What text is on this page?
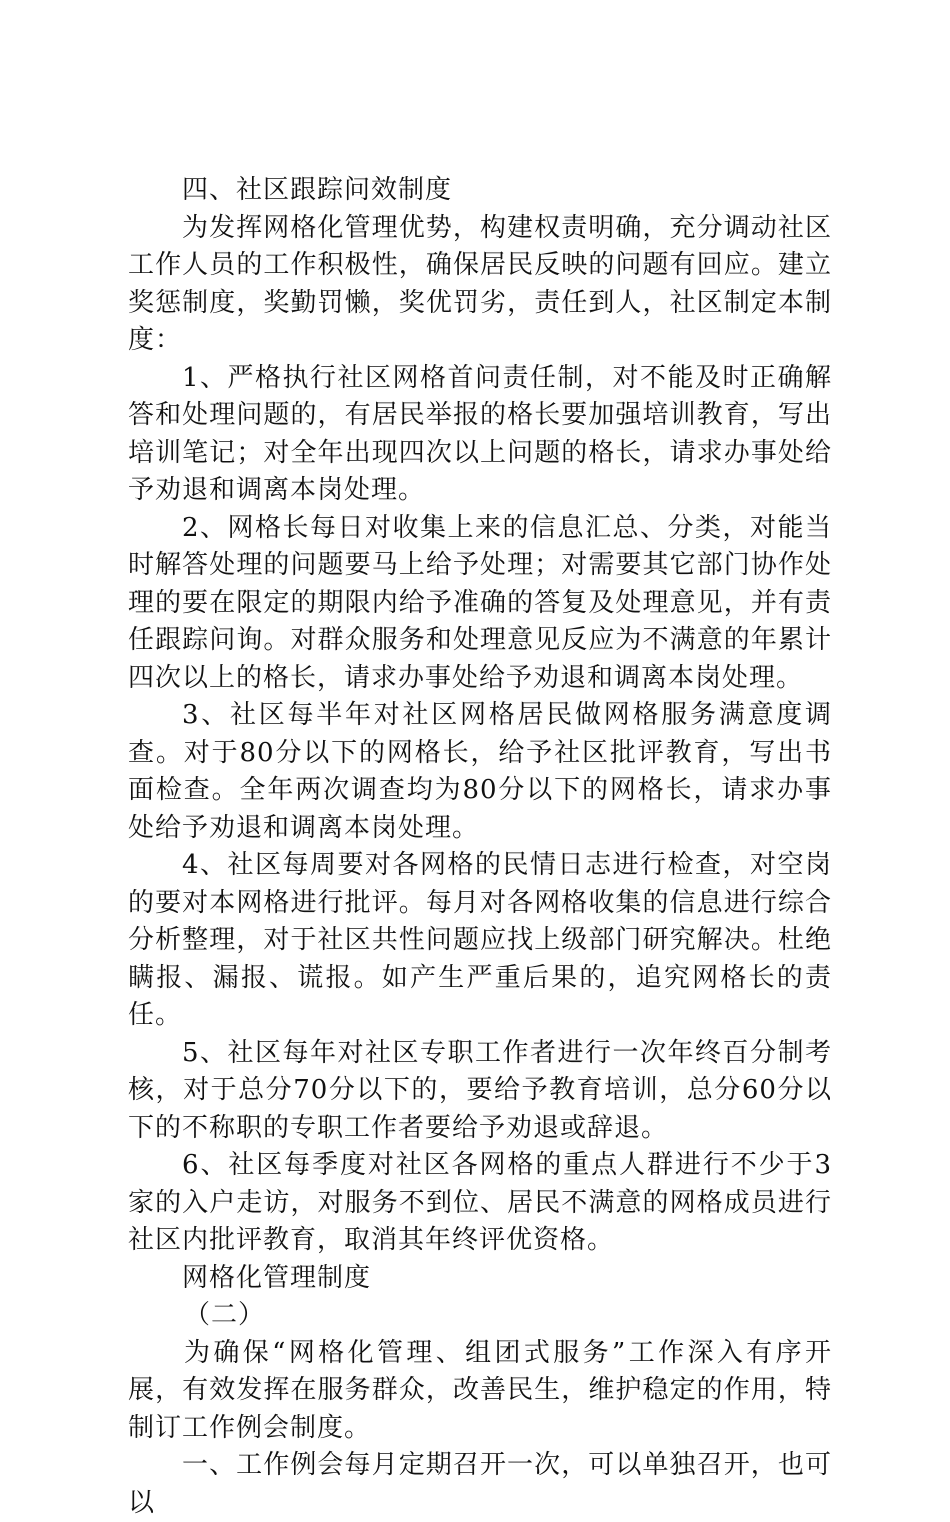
四、社区跟踪问效制度

为发挥网格化管理优势，构建权责明确，充分调动社区工作人员的工作积极性，确保居民反映的问题有回应。建立奖惩制度，奖勤罚懒，奖优罚劣，责任到人，社区制定本制度：

1、严格执行社区网格首问责任制，对不能及时正确解答和处理问题的，有居民举报的格长要加强培训教育，写出培训笔记；对全年出现四次以上问题的格长，请求办事处给予劝退和调离本岗处理。

2、网格长每日对收集上来的信息汇总、分类，对能当时解答处理的问题要马上给予处理；对需要其它部门协作处理的要在限定的期限内给予准确的答复及处理意见，并有责任跟踪问询。对群众服务和处理意见反应为不满意的年累计四次以上的格长，请求办事处给予劝退和调离本岗处理。

3、社区每半年对社区网格居民做网格服务满意度调查。对于80分以下的网格长，给予社区批评教育，写出书面检查。全年两次调查均为80分以下的网格长，请求办事处给予劝退和调离本岗处理。

4、社区每周要对各网格的民情日志进行检查，对空岗的要对本网格进行批评。每月对各网格收集的信息进行综合分析整理，对于社区共性问题应找上级部门研究解决。杜绝瞒报、漏报、谎报。如产生严重后果的，追究网格长的责任。

5、社区每年对社区专职工作者进行一次年终百分制考核，对于总分70分以下的，要给予教育培训，总分60分以下的不称职的专职工作者要给予劝退或辞退。

6、社区每季度对社区各网格的重点人群进行不少于3家的入户走访，对服务不到位、居民不满意的网格成员进行社区内批评教育，取消其年终评优资格。

网格化管理制度

（二）

为确保“网格化管理、组团式服务”工作深入有序开展，有效发挥在服务群众，改善民生，维护稳定的作用，特制订工作例会制度。

一、工作例会每月定期召开一次，可以单独召开，也可以
